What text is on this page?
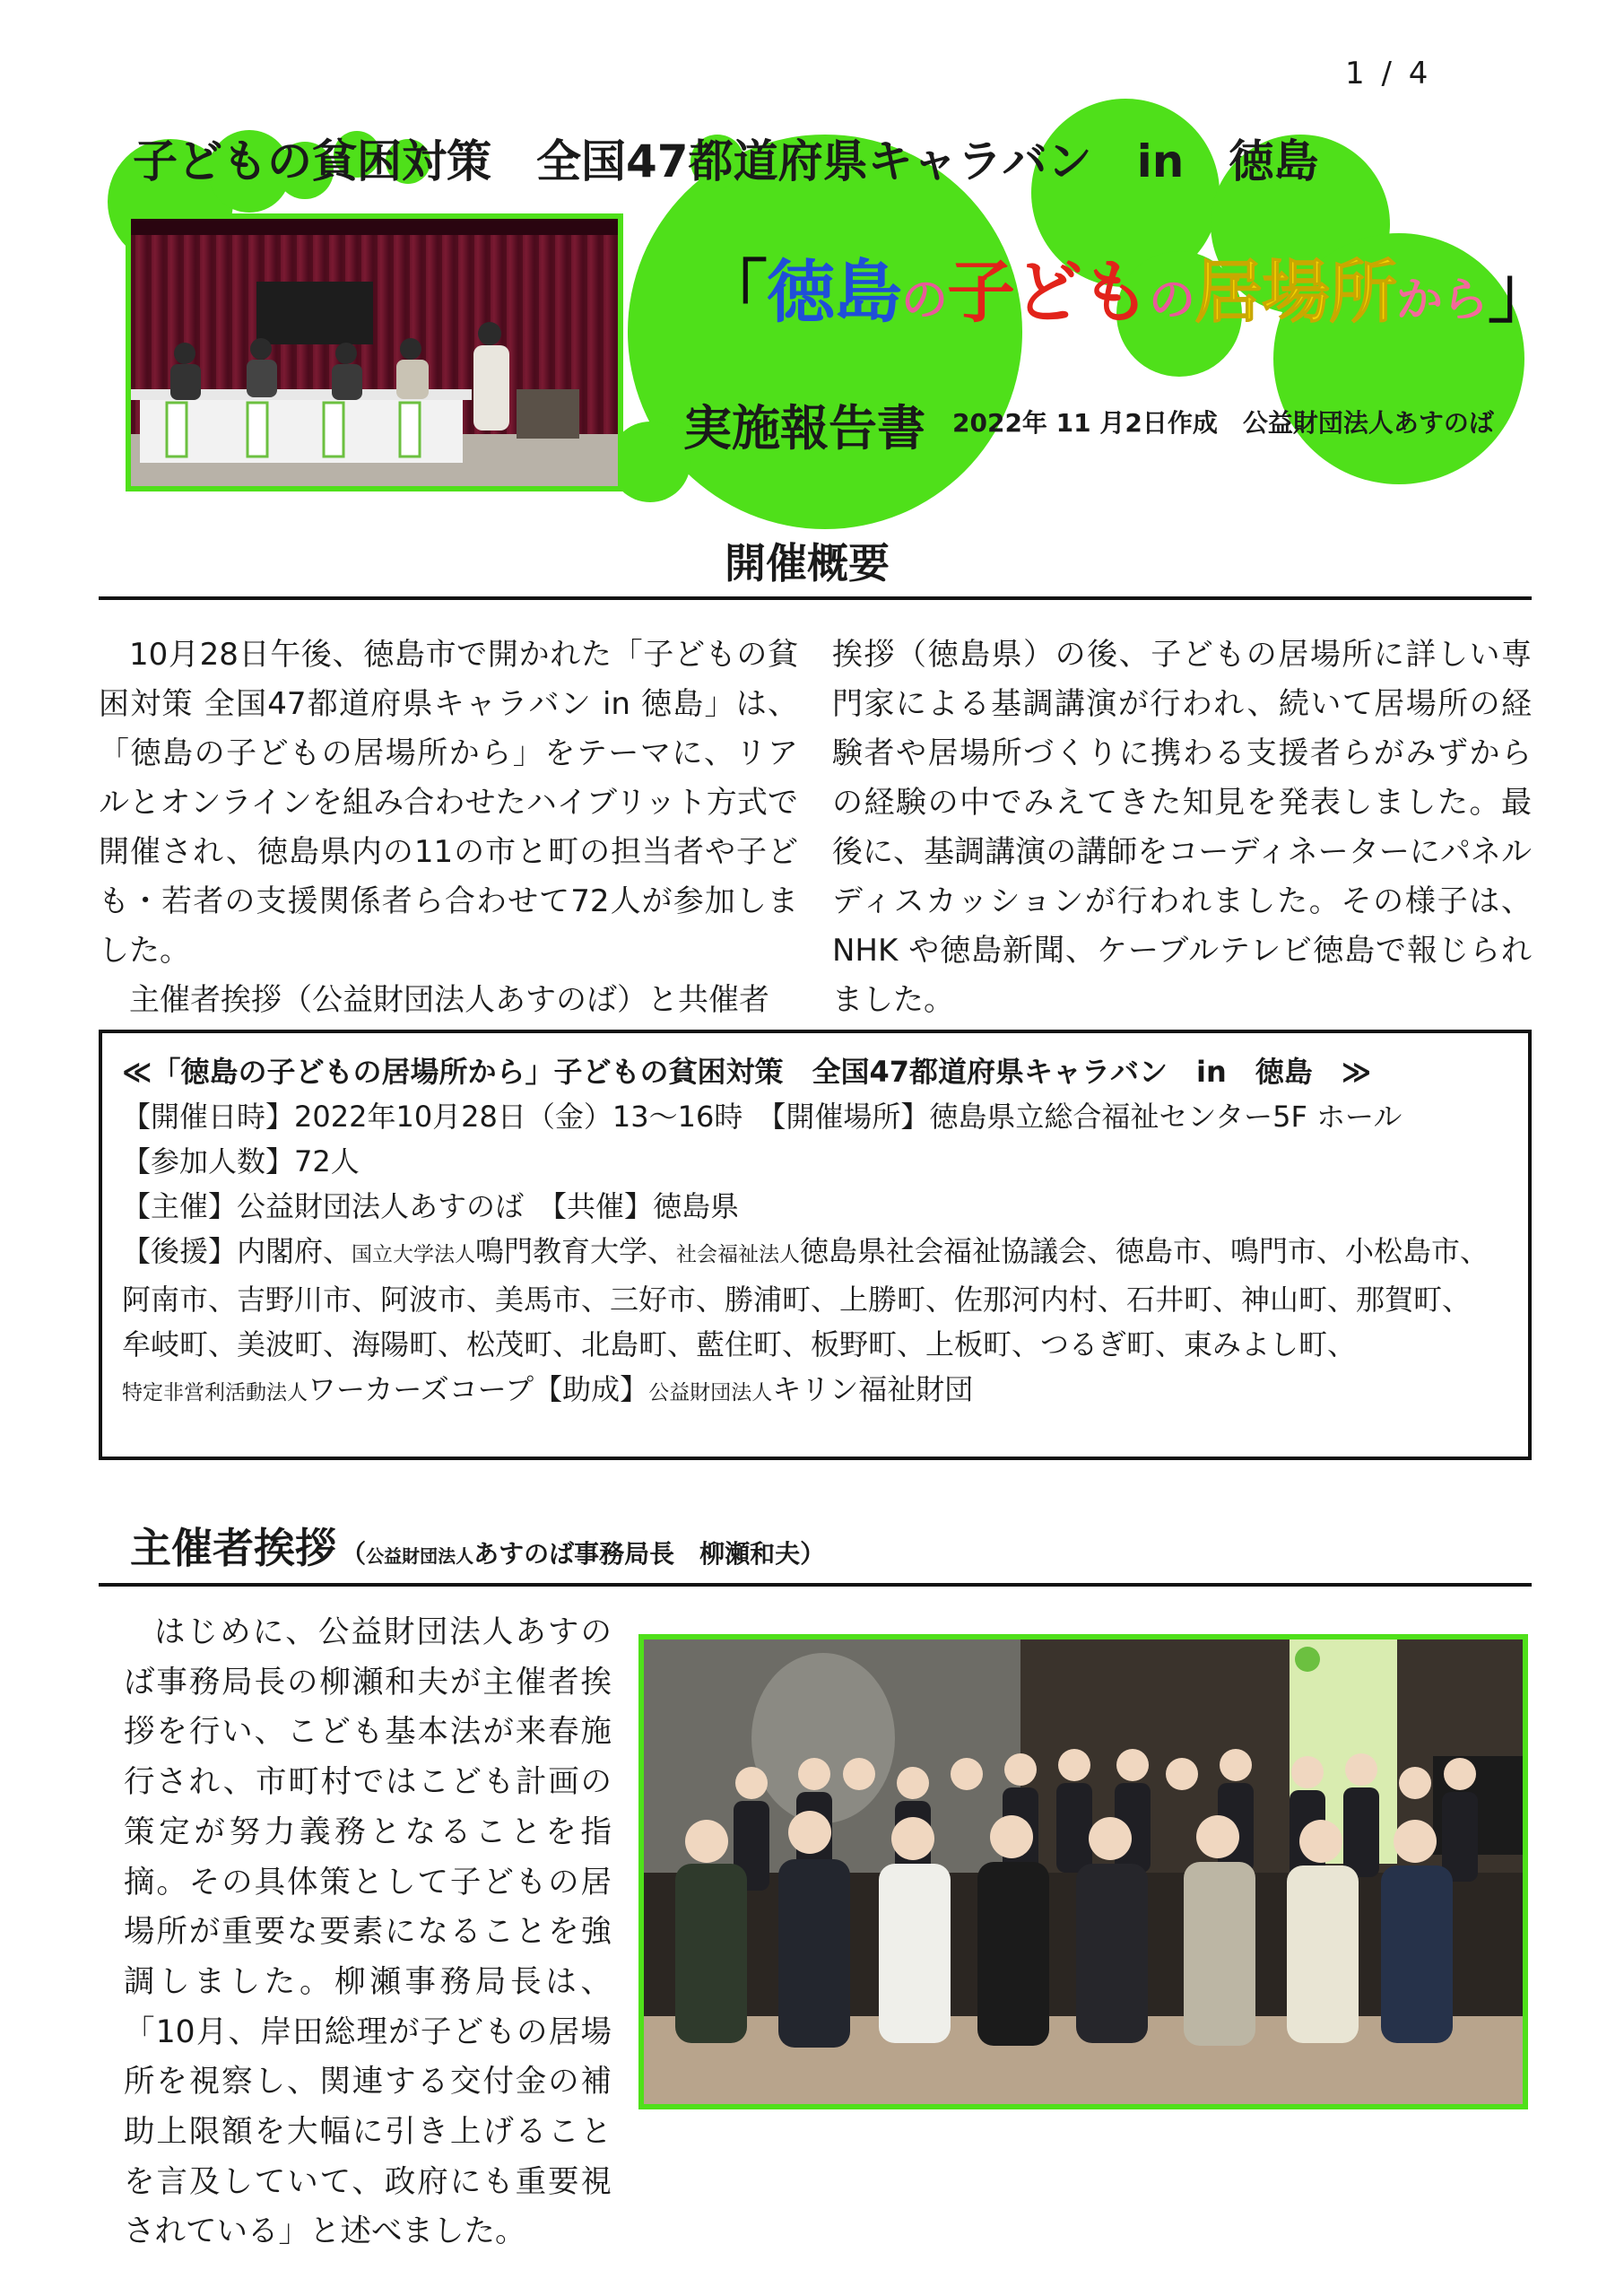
1 / 4
子どもの貧困対策　全国47都道府県キャラバン　in　徳島
「徳島の子どもの居場所から」
実施報告書 2022年 11 月2日作成　公益財団法人あすのば
開催概要

10月28日午後、徳島市で開かれた「子どもの貧困対策 全国47都道府県キャラバン in 徳島」は、「徳島の子どもの居場所から」をテーマに、リアルとオンラインを組み合わせたハイブリット方式で開催され、徳島県内の11の市と町の担当者や子ども・若者の支援関係者ら合わせて72人が参加しました。

主催者挨拶（公益財団法人あすのば）と共催者

挨拶（徳島県）の後、子どもの居場所に詳しい専門家による基調講演が行われ、続いて居場所の経験者や居場所づくりに携わる支援者らがみずからの経験の中でみえてきた知見を発表しました。最後に、基調講演の講師をコーディネーターにパネルディスカッションが行われました。その様子は、NHK や徳島新聞、ケーブルテレビ徳島で報じられました。

≪「徳島の子どもの居場所から」子どもの貧困対策　全国47都道府県キャラバン　in　徳島　≫
【開催日時】2022年10月28日（金）13～16時　 【開催場所】徳島県立総合福祉センター5F ホール
【参加人数】72人
【主催】公益財団法人あすのば　 【共催】徳島県
【後援】内閣府、国立大学法人鳴門教育大学、社会福祉法人徳島県社会福祉協議会、徳島市、鳴門市、小松島市、
阿南市、吉野川市、阿波市、美馬市、三好市、勝浦町、上勝町、佐那河内村、石井町、神山町、那賀町、
牟岐町、美波町、海陽町、松茂町、北島町、藍住町、板野町、上板町、つるぎ町、東みよし町、
特定非営利活動法人ワーカーズコープ【助成】公益財団法人キリン福祉財団
主催者挨拶 （公益財団法人あすのば事務局長　柳瀬和夫）

はじめに、公益財団法人あすのば事務局長の柳瀬和夫が主催者挨拶を行い、こども基本法が来春施行され、市町村ではこども計画の策定が努力義務となることを指摘。その具体策として子どもの居場所が重要な要素になることを強調しました。柳瀬事務局長は、「10月、岸田総理が子どもの居場所を視察し、関連する交付金の補助上限額を大幅に引き上げることを言及していて、政府にも重要視されている」と述べました。
